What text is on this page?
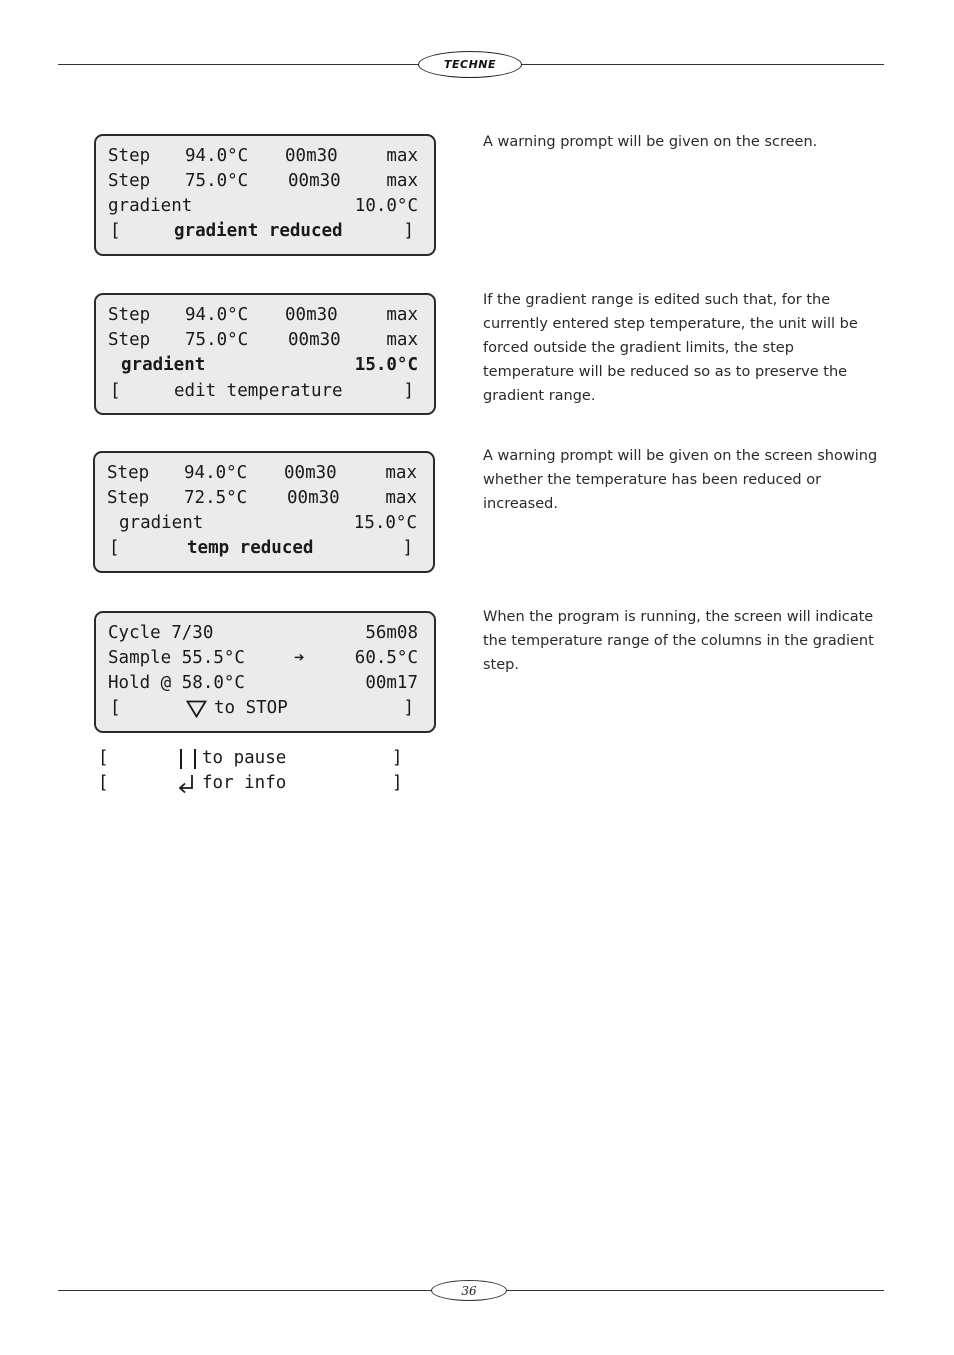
TECHNE
Step 94.0°C 00m30	max
Step 75.0°C 00m30	max
gradient	10.0°C
[	gradient reduced	]

A warning prompt will be given on the screen.

Step 94.0°C 00m30	max
Step 75.0°C 00m30	max
gradient	15.0°C
[	edit temperature	]

If the gradient range is edited such that, for the currently entered step temperature, the unit will be forced outside the gradient limits, the step temperature will be reduced so as to preserve the gradient range.

Step 94.0°C 00m30	max
Step 72.5°C 00m30	max
gradient	15.0°C
[	temp reduced	]

A warning prompt will be given on the screen showing whether the temperature has been reduced or increased.

Cycle 7/30	56m08
Sample 55.5°C	➔	60.5°C
Hold @ 58.0°C	00m17
[	to STOP	]

When the program is running, the screen will indicate the temperature range of the columns in the gradient step.

[	to pause	]
[	for info	]
36
